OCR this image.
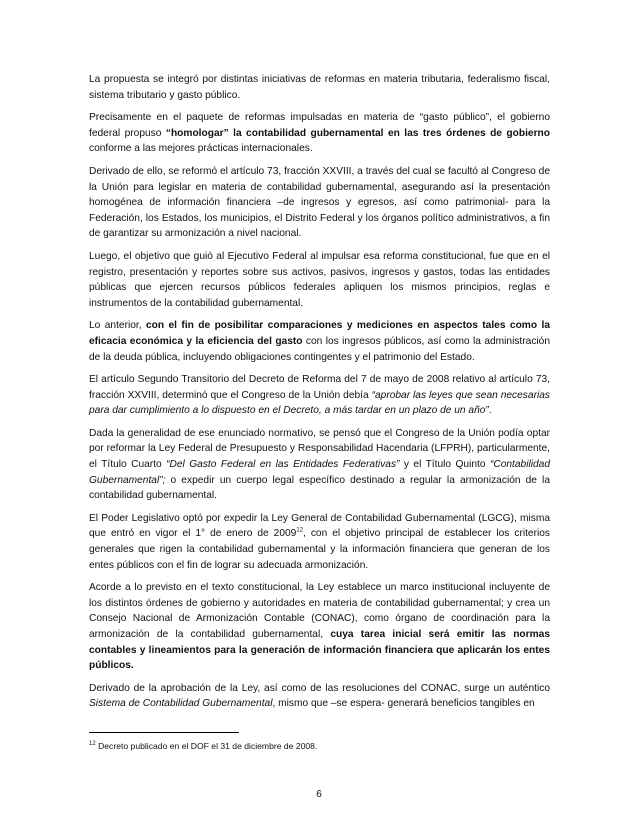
La propuesta se integró por distintas iniciativas de reformas en materia tributaria, federalismo fiscal, sistema tributario y gasto público.

Precisamente en el paquete de reformas impulsadas en materia de “gasto público”, el gobierno federal propuso “homologar” la contabilidad gubernamental en las tres órdenes de gobierno conforme a las mejores prácticas internacionales.

Derivado de ello, se reformó el artículo 73, fracción XXVIII, a través del cual se facultó al Congreso de la Unión para legislar en materia de contabilidad gubernamental, asegurando así la presentación homogénea de información financiera –de ingresos y egresos, así como patrimonial- para la Federación, los Estados, los municipios, el Distrito Federal y los órganos político administrativos, a fin de garantizar su armonización a nivel nacional.

Luego, el objetivo que guió al Ejecutivo Federal al impulsar esa reforma constitucional, fue que en el registro, presentación y reportes sobre sus activos, pasivos, ingresos y gastos, todas las entidades públicas que ejercen recursos públicos federales apliquen los mismos principios, reglas e instrumentos de la contabilidad gubernamental.

Lo anterior, con el fin de posibilitar comparaciones y mediciones en aspectos tales como la eficacia económica y la eficiencia del gasto con los ingresos públicos, así como la administración de la deuda pública, incluyendo obligaciones contingentes y el patrimonio del Estado.

El artículo Segundo Transitorio del Decreto de Reforma del 7 de mayo de 2008 relativo al artículo 73, fracción XXVIII, determinó que el Congreso de la Unión debía “aprobar las leyes que sean necesarias para dar cumplimiento a lo dispuesto en el Decreto, a más tardar en un plazo de un año”.

Dada la generalidad de ese enunciado normativo, se pensó que el Congreso de la Unión podía optar por reformar la Ley Federal de Presupuesto y Responsabilidad Hacendaria (LFPRH), particularmente, el Título Cuarto “Del Gasto Federal en las Entidades Federativas” y el Título Quinto “Contabilidad Gubernamental”; o expedir un cuerpo legal específico destinado a regular la armonización de la contabilidad gubernamental.

El Poder Legislativo optó por expedir la Ley General de Contabilidad Gubernamental (LGCG), misma que entró en vigor el 1° de enero de 2009$^{12}$, con el objetivo principal de establecer los criterios generales que rigen la contabilidad gubernamental y la información financiera que generan de los entes públicos con el fin de lograr su adecuada armonización.

Acorde a lo previsto en el texto constitucional, la Ley establece un marco institucional incluyente de los distintos órdenes de gobierno y autoridades en materia de contabilidad gubernamental; y crea un Consejo Nacional de Armonización Contable (CONAC), como órgano de coordinación para la armonización de la contabilidad gubernamental, cuya tarea inicial será emitir las normas contables y lineamientos para la generación de información financiera que aplicarán los entes públicos.

Derivado de la aprobación de la Ley, así como de las resoluciones del CONAC, surge un auténtico Sistema de Contabilidad Gubernamental, mismo que –se espera- generará beneficios tangibles en

$^{12}$ Decreto publicado en el DOF el 31 de diciembre de 2008.
6
